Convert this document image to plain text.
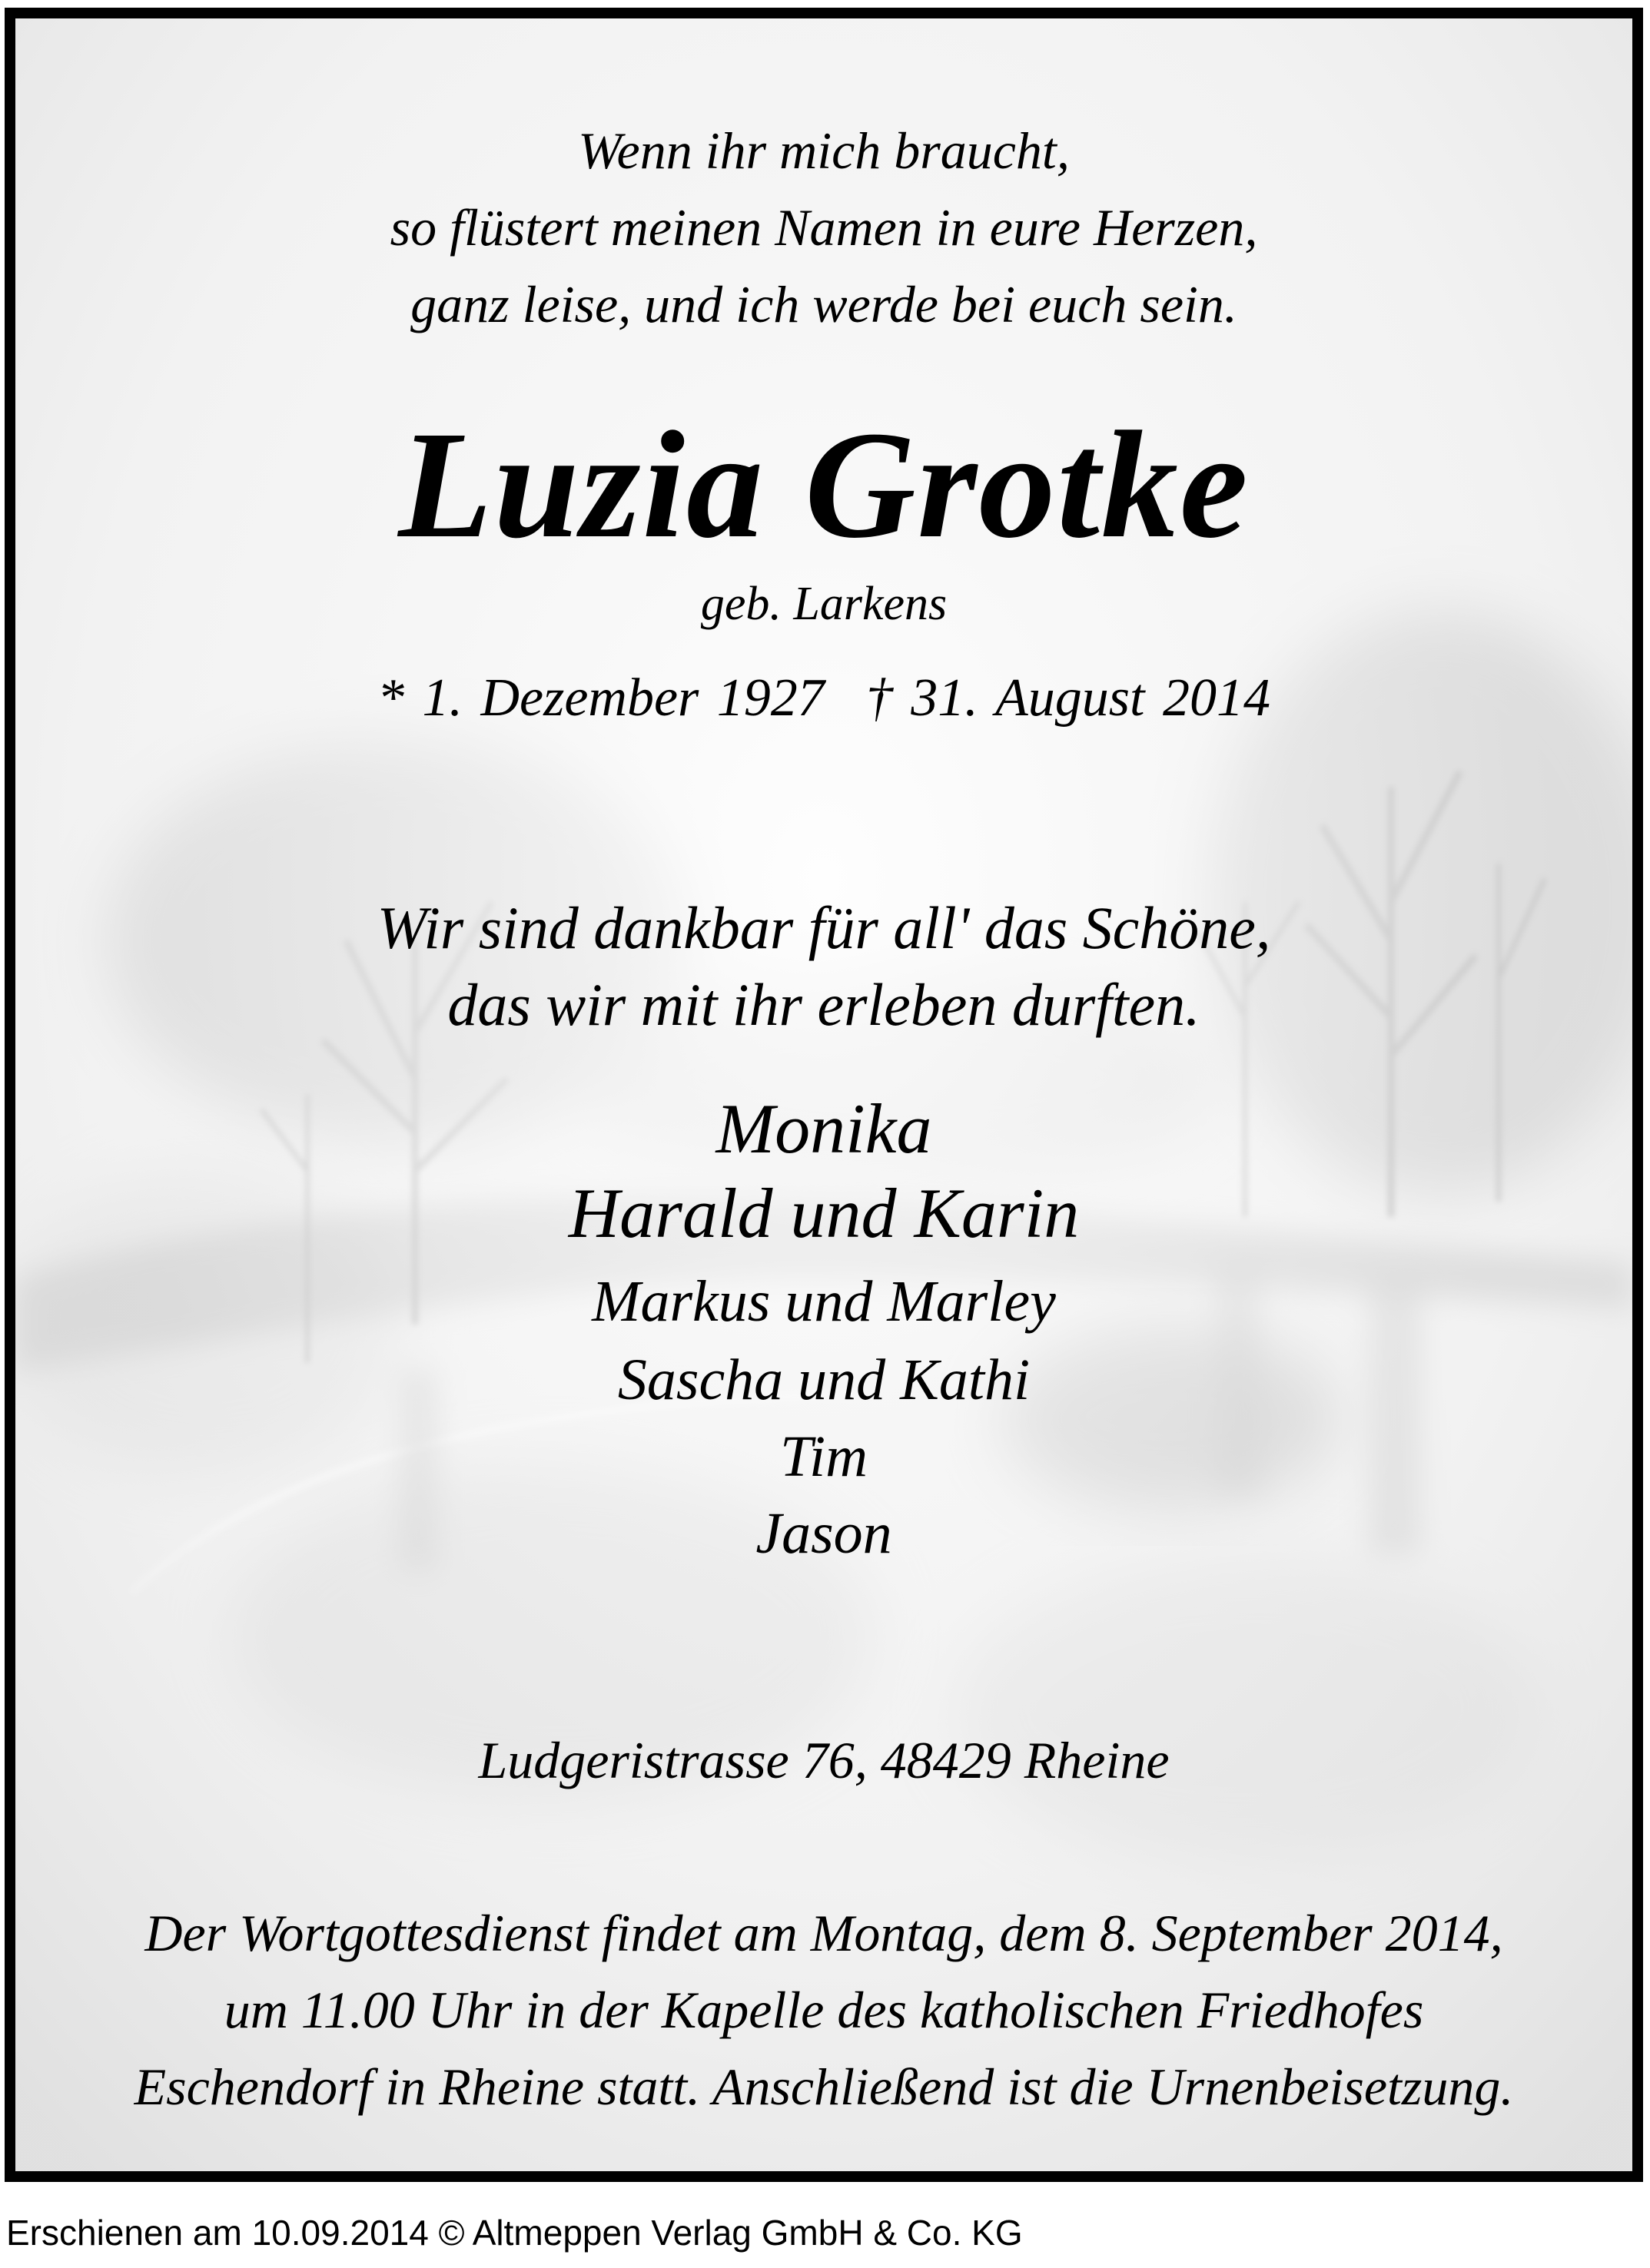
Wenn ihr mich braucht,
so flüstert meinen Namen in eure Herzen,
ganz leise, und ich werde bei euch sein.
Luzia Grotke
geb. Larkens
* 1. Dezember 1927 † 31. August 2014
Wir sind dankbar für all' das Schöne,
das wir mit ihr erleben durften.
Monika
Harald und Karin
Markus und Marley
Sascha und Kathi
Tim
Jason
Ludgeristrasse 76, 48429 Rheine
Der Wortgottesdienst findet am Montag, dem 8. September 2014,
um 11.00 Uhr in der Kapelle des katholischen Friedhofes
Eschendorf in Rheine statt. Anschließend ist die Urnenbeisetzung.
Erschienen am 10.09.2014 © Altmeppen Verlag GmbH & Co. KG
